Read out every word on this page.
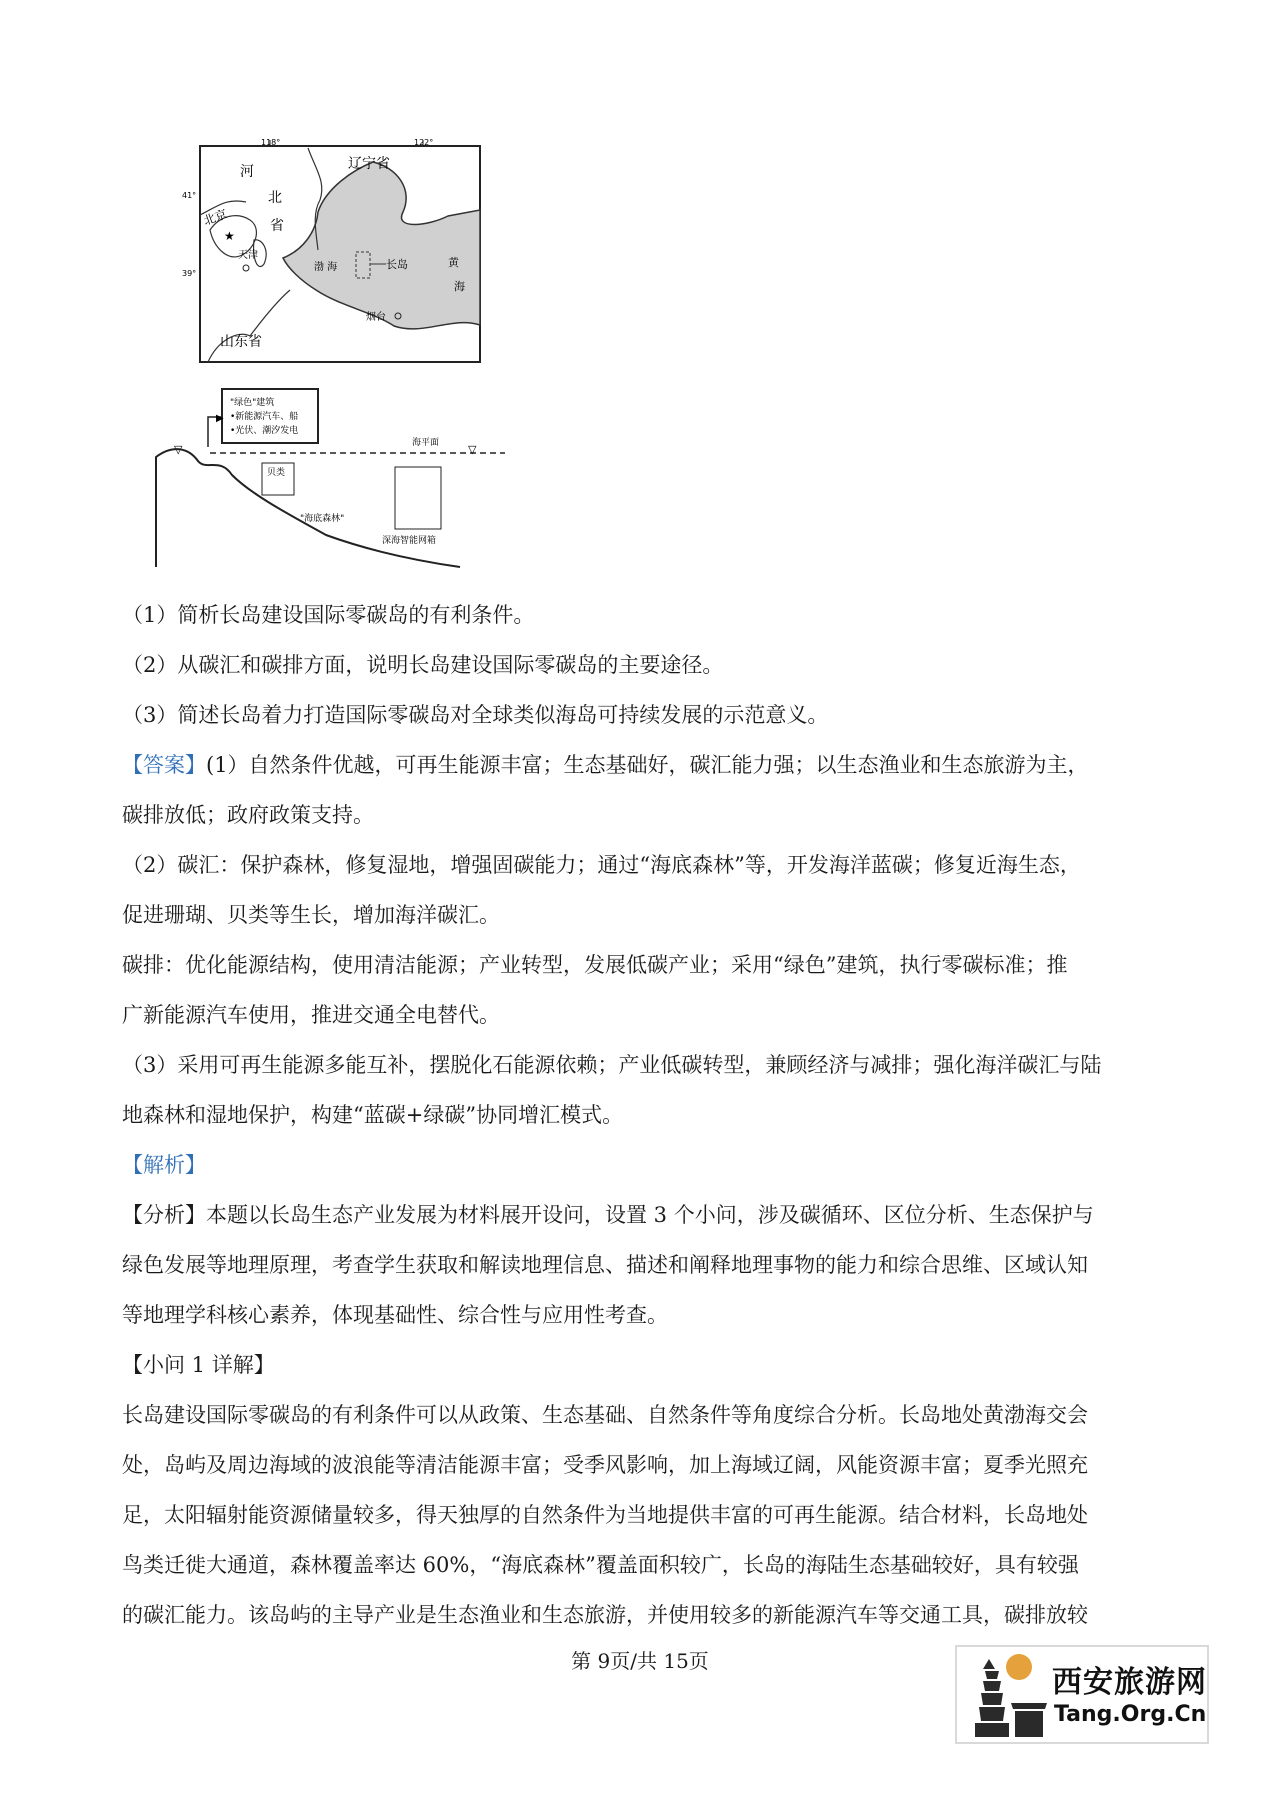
118°	122°
41°
39°
辽宁省
河
北
省
北京
★
天津
渤 海	长岛	黄
海
烟台
山东省
"绿色"建筑
•新能源汽车、船
•光伏、潮汐发电
▶
海平面
▽	▽
贝类
"海底森林"
深海智能网箱
（1）简析长岛建设国际零碳岛的有利条件。
（2）从碳汇和碳排方面，说明长岛建设国际零碳岛的主要途径。
（3）简述长岛着力打造国际零碳岛对全球类似海岛可持续发展的示范意义。
【答案】(1）自然条件优越，可再生能源丰富；生态基础好，碳汇能力强；以生态渔业和生态旅游为主，
碳排放低；政府政策支持。
（2）碳汇：保护森林，修复湿地，增强固碳能力；通过“海底森林”等，开发海洋蓝碳；修复近海生态，
促进珊瑚、贝类等生长，增加海洋碳汇。
碳排：优化能源结构，使用清洁能源；产业转型，发展低碳产业；采用“绿色”建筑，执行零碳标准；推
广新能源汽车使用，推进交通全电替代。
（3）采用可再生能源多能互补，摆脱化石能源依赖；产业低碳转型，兼顾经济与减排；强化海洋碳汇与陆
地森林和湿地保护，构建“蓝碳+绿碳”协同增汇模式。
【解析】
【分析】本题以长岛生态产业发展为材料展开设问，设置 3 个小问，涉及碳循环、区位分析、生态保护与
绿色发展等地理原理，考查学生获取和解读地理信息、描述和阐释地理事物的能力和综合思维、区域认知
等地理学科核心素养，体现基础性、综合性与应用性考查。
【小问 1 详解】
长岛建设国际零碳岛的有利条件可以从政策、生态基础、自然条件等角度综合分析。长岛地处黄渤海交会
处，岛屿及周边海域的波浪能等清洁能源丰富；受季风影响，加上海域辽阔，风能资源丰富；夏季光照充
足，太阳辐射能资源储量较多，得天独厚的自然条件为当地提供丰富的可再生能源。结合材料，长岛地处
鸟类迁徙大通道，森林覆盖率达 60%，“海底森林”覆盖面积较广，长岛的海陆生态基础较好，具有较强
的碳汇能力。该岛屿的主导产业是生态渔业和生态旅游，并使用较多的新能源汽车等交通工具，碳排放较
第 9页/共 15页
西安旅游网
Tang.Org.Cn
